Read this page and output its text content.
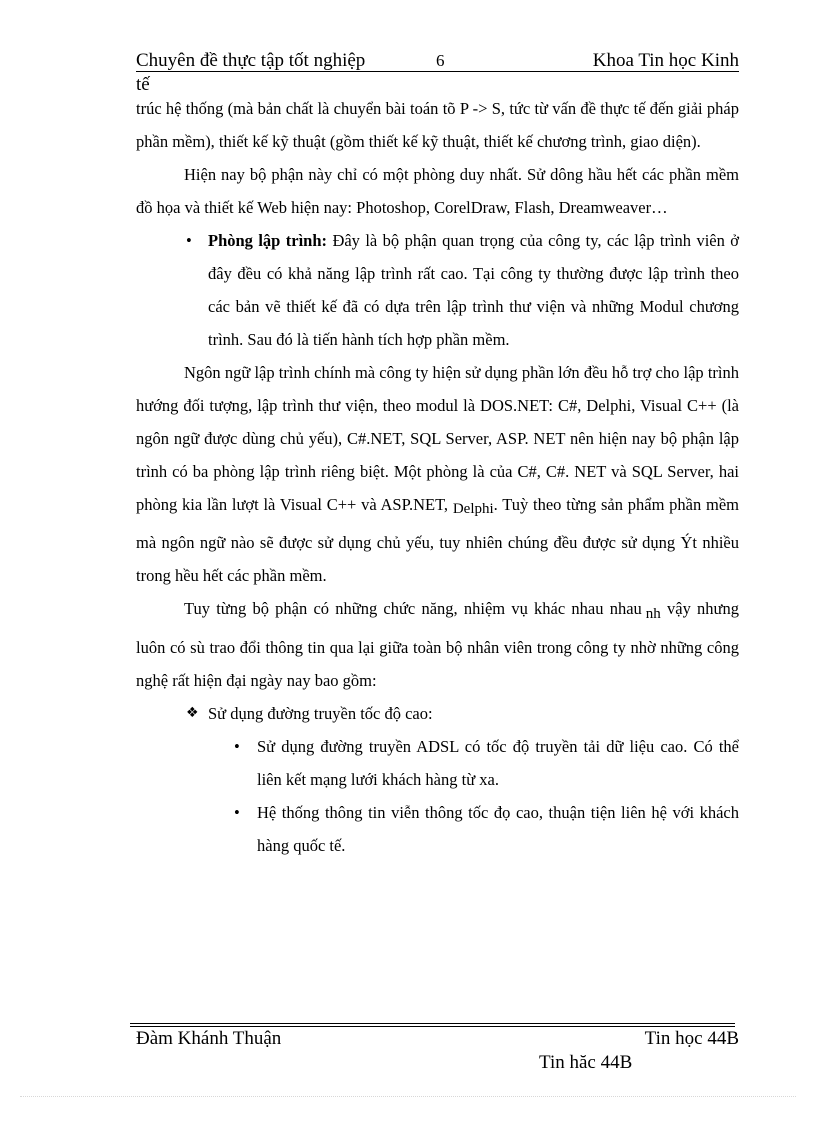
Chuyên đề thực tập tốt nghiệp	6	Khoa Tin học Kinh
tế

trúc hệ thống (mà bản chất là chuyển bài toán tõ P -> S, tức từ vấn đề thực tế đến giải pháp phần mềm), thiết kế kỹ thuật (gồm thiết kế kỹ thuật, thiết kế chương trình, giao diện).

Hiện nay bộ phận này chỉ có một phòng duy nhất. Sử dông hầu hết các phần mềm đồ họa và thiết kế Web hiện nay: Photoshop, CorelDraw, Flash, Dreamweaver…

• Phòng lập trình: Đây là bộ phận quan trọng của công ty, các lập trình viên ở đây đều có khả năng lập trình rất cao. Tại công ty thường được lập trình theo các bản vẽ thiết kế đã có dựa trên lập trình thư viện và những Modul chương trình. Sau đó là tiến hành tích hợp phần mềm.

Ngôn ngữ lập trình chính mà công ty hiện sử dụng phần lớn đều hỗ trợ cho lập trình hướng đối tượng, lập trình thư viện, theo modul là DOS.NET: C#, Delphi, Visual C++ (là ngôn ngữ được dùng chủ yếu), C#.NET, SQL Server, ASP. NET nên hiện nay bộ phận lập trình có ba phòng lập trình riêng biệt. Một phòng là của C#, C#. NET và SQL Server, hai phòng kia lần lượt là Visual C++ và ASP.NET, Delphi. Tuỳ theo từng sản phẩm phần mềm mà ngôn ngữ nào sẽ được sử dụng chủ yếu, tuy nhiên chúng đều được sử dụng Ýt nhiều trong hều hết các phần mềm.

Tuy từng bộ phận có những chức năng, nhiệm vụ khác nhau nhau nh vậy nhưng luôn có sù trao đổi thông tin qua lại giữa toàn bộ nhân viên trong công ty nhờ những công nghệ rất hiện đại ngày nay bao gồm:

❖ Sử dụng đường truyền tốc độ cao:

• Sử dụng đường truyền ADSL có tốc độ truyền tải dữ liệu cao. Có thể liên kết mạng lưới khách hàng từ xa.

• Hệ thống thông tin viễn thông tốc đọ cao, thuận tiện liên hệ với khách hàng quốc tế.

Đàm Khánh Thuận	Tin học 44B
Tin hăc 44B
